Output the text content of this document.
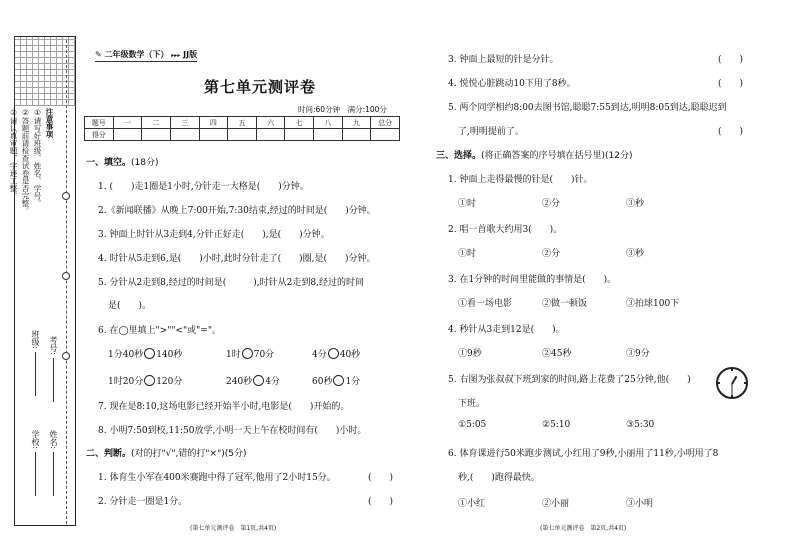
注意事项
①请写好班级、姓名、学号。
②答题前请检查试卷是否完整。
③请认真审题，字迹工整。
学校:
班级: 考号:
姓名:
✎ 二年级数学（下） ▸▸▸ JJ版
第七单元测评卷
时间:60分钟　满分:100分
题号	一	二	三	四	五	六	七	八	九	总分
得分										
一、填空。(18分)
1. (　　)走1圈是1小时,分针走一大格是(　　)分钟。
2.《新闻联播》从晚上7:00开始,7:30结束,经过的时间是(　　)分钟。
3. 钟面上时针从3走到4,分针正好走(　　),是(　　)分钟。
4. 时针从5走到6,是(　　)小时,此时分针走了(　　)圈,是(　　)分钟。
5. 分针从2走到8,经过的时间是(　　　),时针从2走到8,经过的时间
是(　　)。
6. 在◯里填上">""<"或"="。
1分40秒 140秒	1时 70分	4分 40秒
1时20分 120分	240秒 4分	60秒 1分
7. 现在是8:10,这场电影已经开始半小时,电影是(　　)开始的。
8. 小明7:50到校,11:50放学,小明一天上午在校时间有(　　)小时。
二、判断。(对的打"√",错的打"×")(5分)
1. 体育生小军在400米赛跑中得了冠军,他用了2小时15分。	(　　)
2. 分针走一圈是1分。	(　　)
(第七单元测评卷　第1页,共4页)
3. 钟面上最短的针是分针。	(　　)
4. 悦悦心脏跳动10下用了8秒。	(　　)
5. 两个同学相约8:00去图书馆,聪聪7:55到达,明明8:05到达,聪聪迟到
了,明明提前了。	(　　)
三、选择。(将正确答案的序号填在括号里)(12分)
1. 钟面上走得最慢的针是(　　)针。
①时	②分	③秒
2. 唱一首歌大约用3(　　)。
①时	②分	③秒
3. 在1分钟的时间里能做的事情是(　　)。
①看一场电影	②做一顿饭	③拍球100下
4. 秒针从3走到12是(　　)。
①9秒	②45秒	③9分
5. 右图为张叔叔下班到家的时间,路上花费了25分钟,他(　　)
下班。
①5:05	②5:10	③5:30
6. 体育课进行50米跑步测试,小红用了9秒,小丽用了11秒,小明用了8
秒,(　　)跑得最快。
①小红	②小丽	③小明
(第七单元测评卷　第2页,共4页)
